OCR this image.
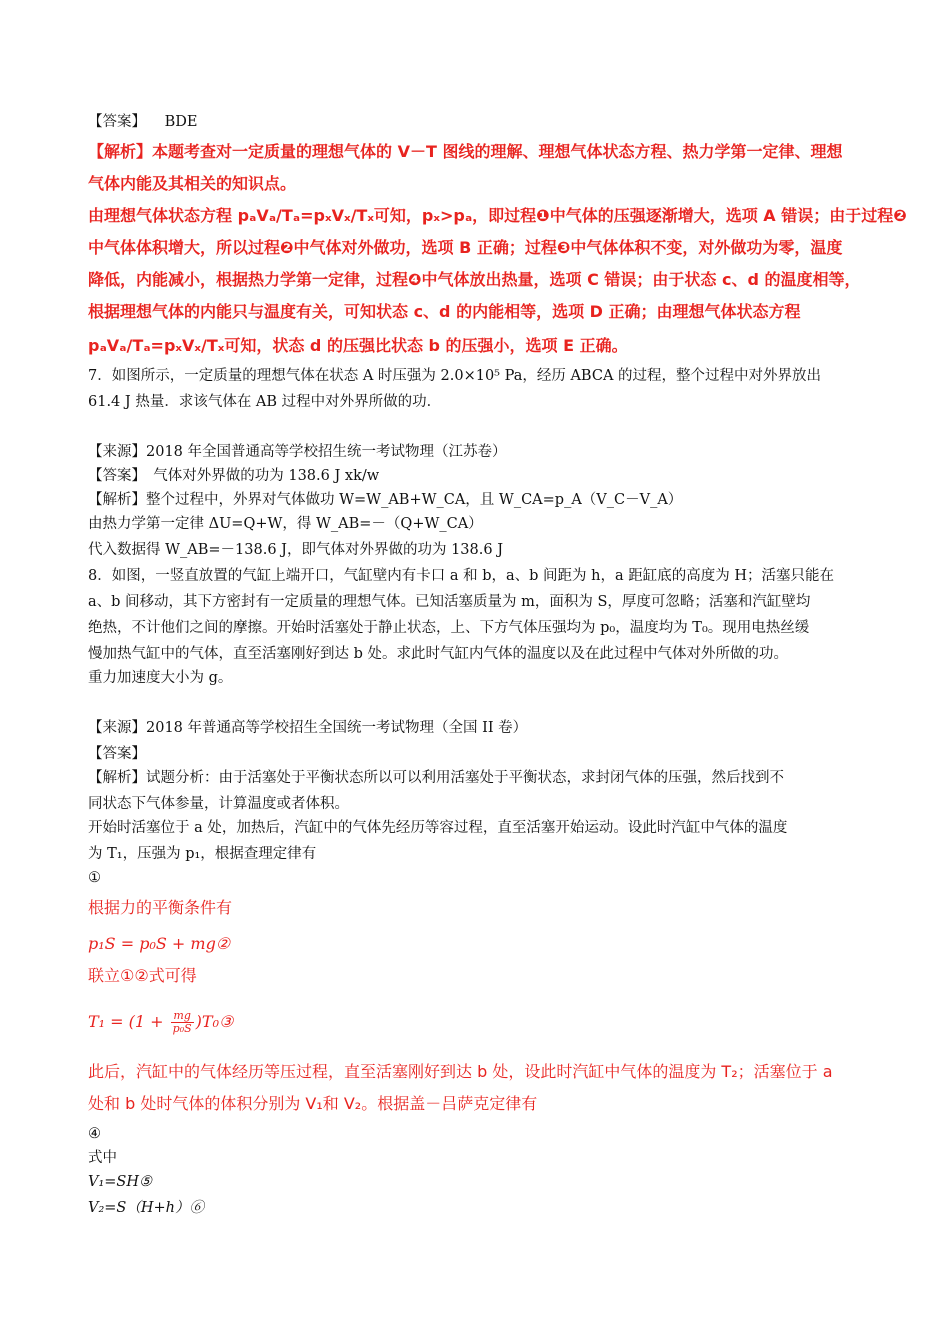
【答案】 BDE
【解析】本题考查对一定质量的理想气体的 V－T 图线的理解、理想气体状态方程、热力学第一定律、理想
气体内能及其相关的知识点。
由理想气体状态方程 pₐVₐ/Tₐ=pₓVₓ/Tₓ可知，pₓ>pₐ，即过程❶中气体的压强逐渐增大，选项 A 错误；由于过程❷
中气体体积增大，所以过程❷中气体对外做功，选项 B 正确；过程❸中气体体积不变，对外做功为零，温度
降低，内能减小，根据热力学第一定律，过程❹中气体放出热量，选项 C 错误；由于状态 c、d 的温度相等，
根据理想气体的内能只与温度有关，可知状态 c、d 的内能相等，选项 D 正确；由理想气体状态方程
pₐVₐ/Tₐ=pₓVₓ/Tₓ可知，状态 d 的压强比状态 b 的压强小，选项 E 正确。
7．如图所示，一定质量的理想气体在状态 A 时压强为 2.0×10⁵ Pa，经历 ABCA 的过程，整个过程中对外界放出
61.4 J 热量．求该气体在 AB 过程中对外界所做的功．
【来源】2018 年全国普通高等学校招生统一考试物理（江苏卷）
【答案】　气体对外界做的功为 138.6 J xk/w
【解析】整个过程中，外界对气体做功 W=W_AB+W_CA，且 W_CA=p_A（V_C－V_A）
由热力学第一定律 ΔU=Q+W，得 W_AB=－（Q+W_CA）
代入数据得 W_AB=－138.6 J，即气体对外界做的功为 138.6 J
8．如图，一竖直放置的气缸上端开口，气缸壁内有卡口 a 和 b，a、b 间距为 h，a 距缸底的高度为 H；活塞只能在
a、b 间移动，其下方密封有一定质量的理想气体。已知活塞质量为 m，面积为 S，厚度可忽略；活塞和汽缸壁均
绝热，不计他们之间的摩擦。开始时活塞处于静止状态，上、下方气体压强均为 p₀，温度均为 T₀。现用电热丝缓
慢加热气缸中的气体，直至活塞刚好到达 b 处。求此时气缸内气体的温度以及在此过程中气体对外所做的功。
重力加速度大小为 g。
【来源】2018 年普通高等学校招生全国统一考试物理（全国 II 卷）
【答案】
【解析】试题分析：由于活塞处于平衡状态所以可以利用活塞处于平衡状态，求封闭气体的压强，然后找到不
同状态下气体参量，计算温度或者体积。
开始时活塞位于 a 处，加热后，汽缸中的气体先经历等容过程，直至活塞开始运动。设此时汽缸中气体的温度
为 T₁，压强为 p₁，根据查理定律有
①
根据力的平衡条件有
p₁S = p₀S + mg②
联立①②式可得
$T_1 = (1 + \frac{mg}{\text{p₀S}}$ )T₀③
此后，汽缸中的气体经历等压过程，直至活塞刚好到达 b 处，设此时汽缸中气体的温度为 T₂；活塞位于 a
处和 b 处时气体的体积分别为 V₁和 V₂。根据盖－吕萨克定律有
④
式中
V₁=SH⑤
V₂=S（H+h）⑥
